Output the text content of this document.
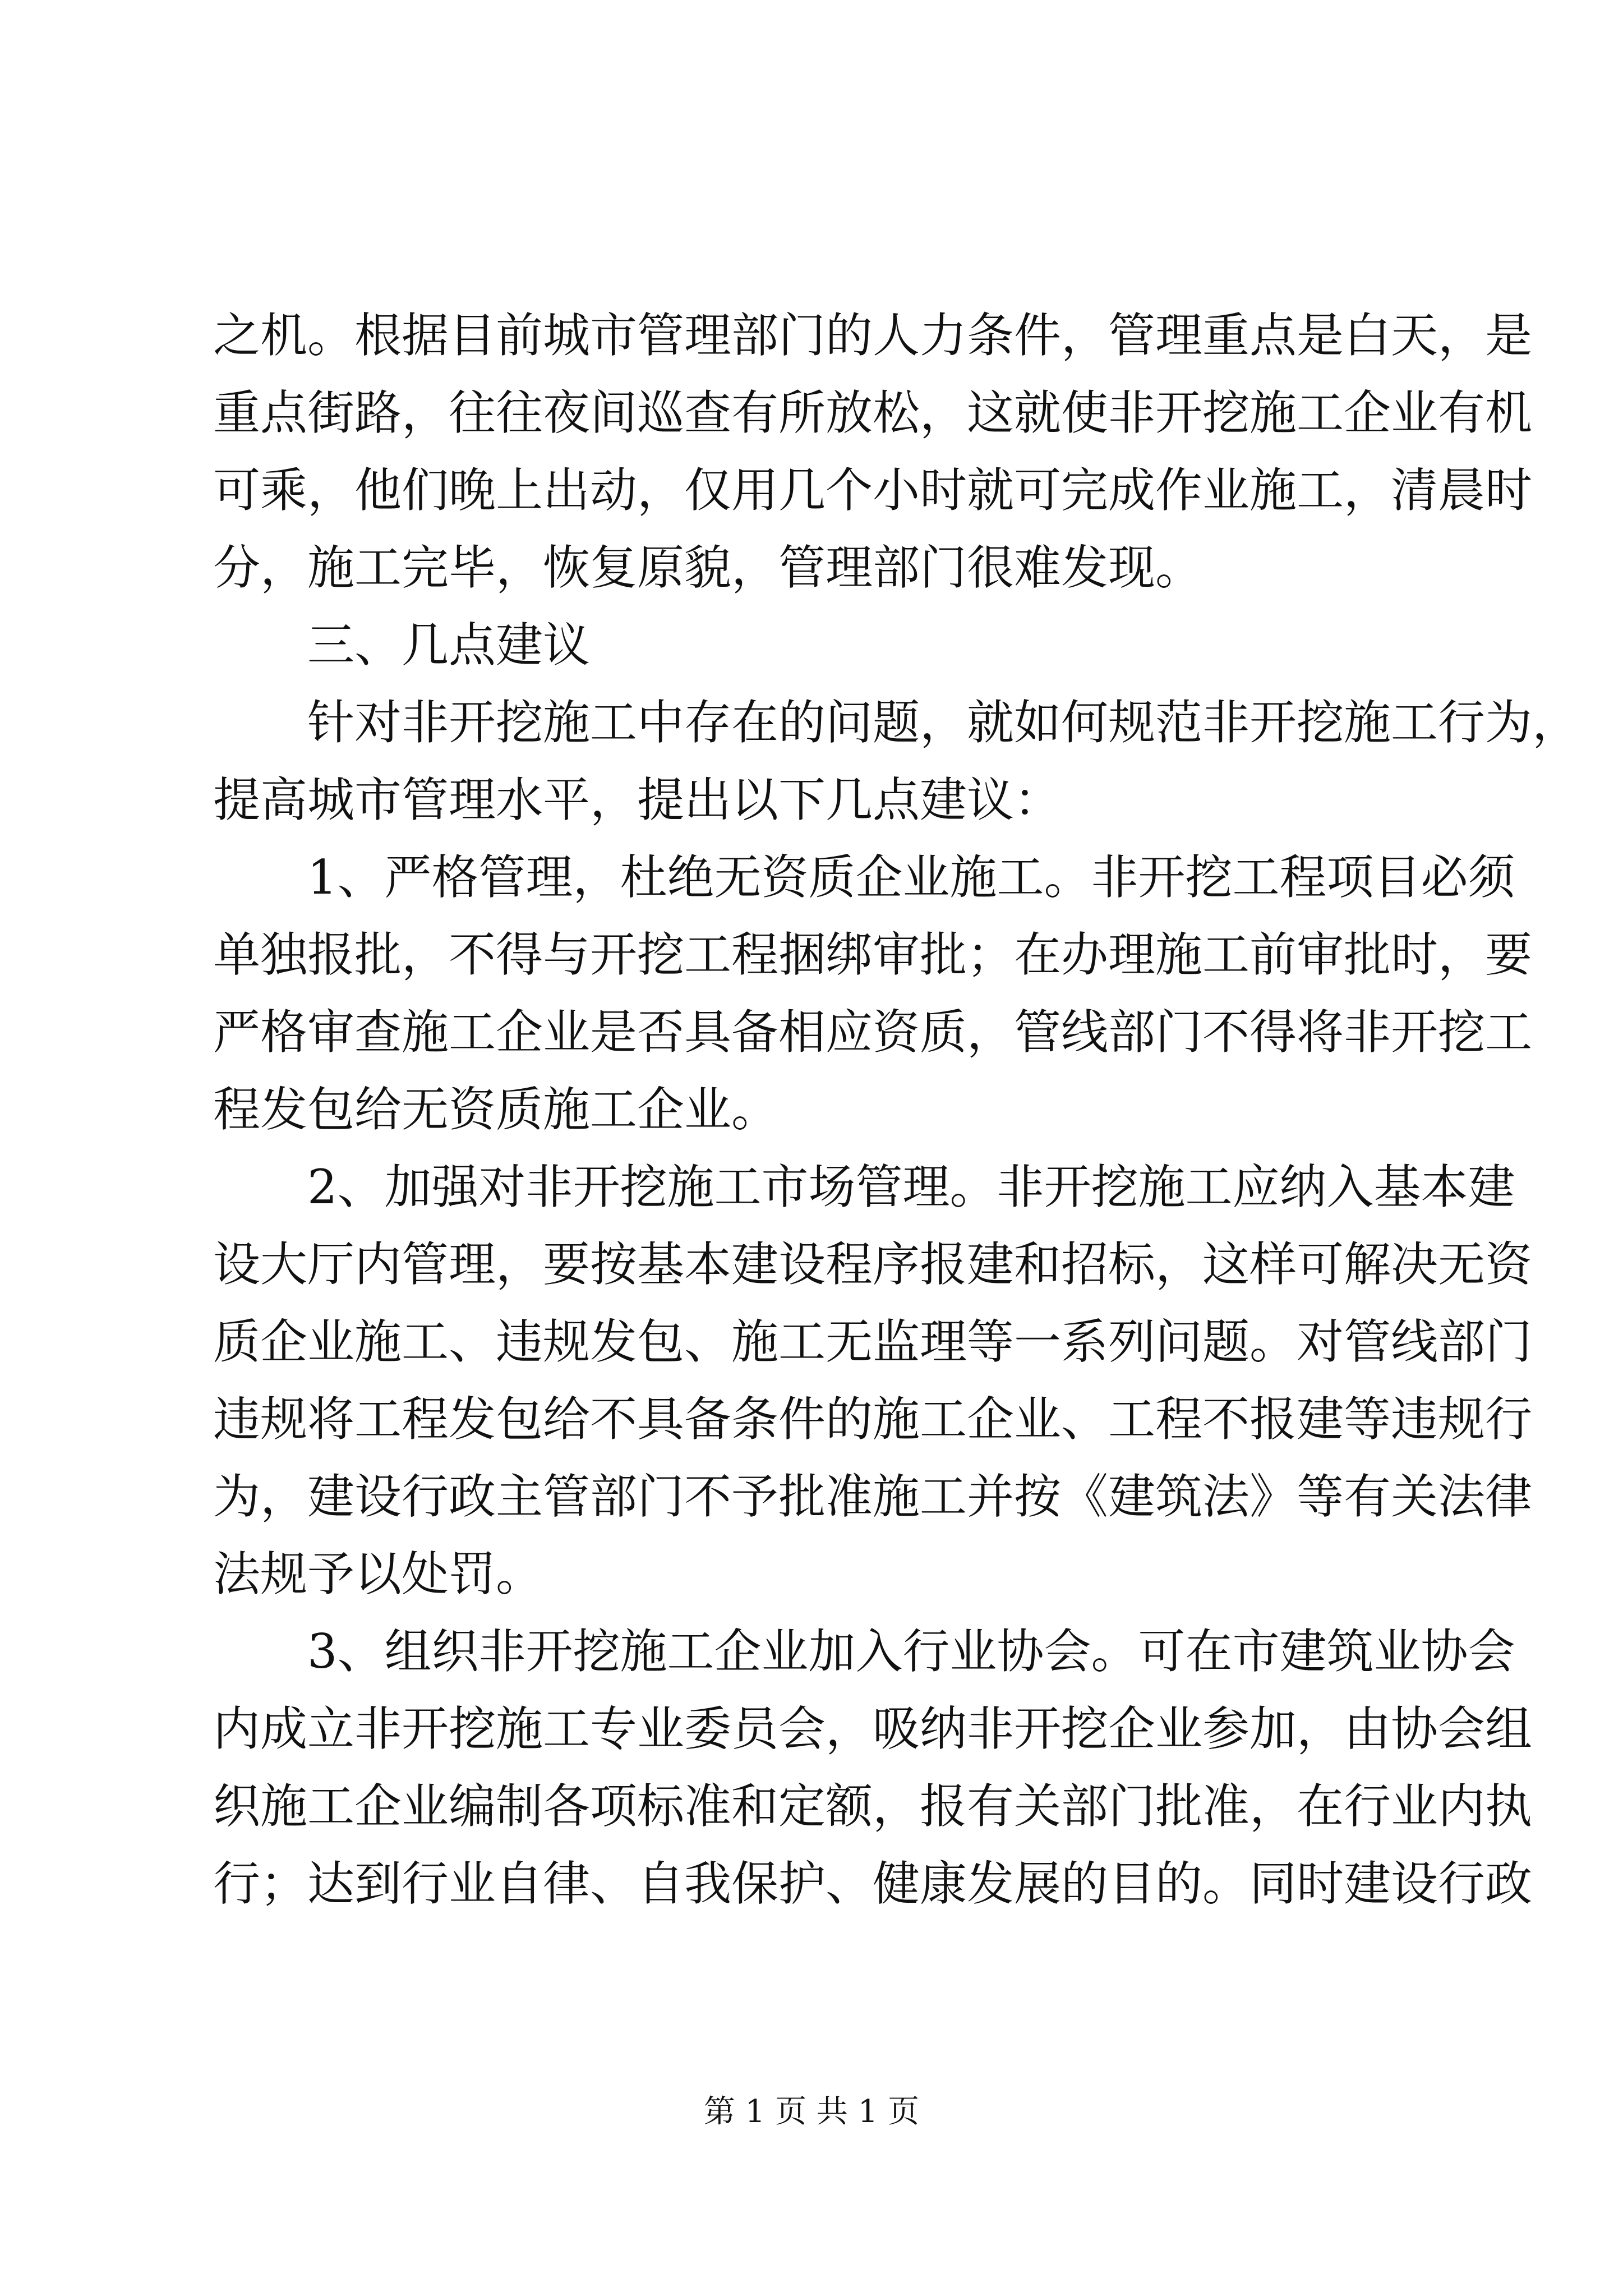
之机。根据目前城市管理部门的人力条件，管理重点是白天，是
重点街路，往往夜间巡查有所放松，这就使非开挖施工企业有机
可乘，他们晚上出动，仅用几个小时就可完成作业施工，清晨时
分，施工完毕，恢复原貌，管理部门很难发现。
三、几点建议
针对非开挖施工中存在的问题，就如何规范非开挖施工行为，
提高城市管理水平，提出以下几点建议：
1、严格管理，杜绝无资质企业施工。非开挖工程项目必须
单独报批，不得与开挖工程捆绑审批；在办理施工前审批时，要
严格审查施工企业是否具备相应资质，管线部门不得将非开挖工
程发包给无资质施工企业。
2、加强对非开挖施工市场管理。非开挖施工应纳入基本建
设大厅内管理，要按基本建设程序报建和招标，这样可解决无资
质企业施工、违规发包、施工无监理等一系列问题。对管线部门
违规将工程发包给不具备条件的施工企业、工程不报建等违规行
为，建设行政主管部门不予批准施工并按《建筑法》等有关法律
法规予以处罚。
3、组织非开挖施工企业加入行业协会。可在市建筑业协会
内成立非开挖施工专业委员会，吸纳非开挖企业参加，由协会组
织施工企业编制各项标准和定额，报有关部门批准，在行业内执
行；达到行业自律、自我保护、健康发展的目的。同时建设行政
第 1 页 共 1 页
